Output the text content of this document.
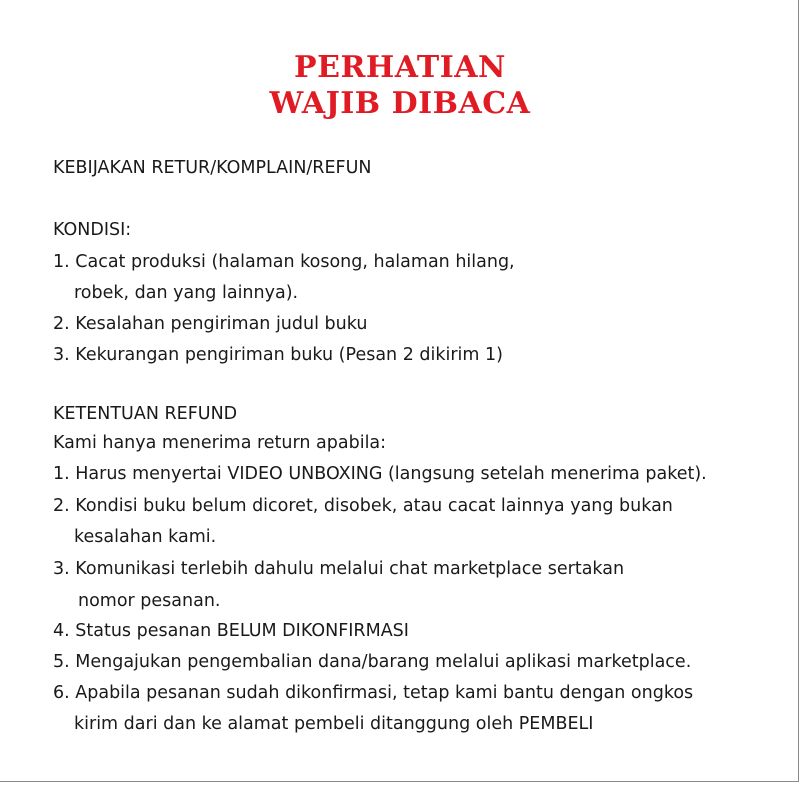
PERHATIAN
WAJIB DIBACA
KEBIJAKAN RETUR/KOMPLAIN/REFUN
KONDISI:
1. Cacat produksi (halaman kosong, halaman hilang,
robek, dan yang lainnya).
2. Kesalahan pengiriman judul buku
3. Kekurangan pengiriman buku (Pesan 2 dikirim 1)
KETENTUAN REFUND
Kami hanya menerima return apabila:
1. Harus menyertai VIDEO UNBOXING (langsung setelah menerima paket).
2. Kondisi buku belum dicoret, disobek, atau cacat lainnya yang bukan
kesalahan kami.
3. Komunikasi terlebih dahulu melalui chat marketplace sertakan
nomor pesanan.
4. Status pesanan BELUM DIKONFIRMASI
5. Mengajukan pengembalian dana/barang melalui aplikasi marketplace.
6. Apabila pesanan sudah dikonfirmasi, tetap kami bantu dengan ongkos
kirim dari dan ke alamat pembeli ditanggung oleh PEMBELI
